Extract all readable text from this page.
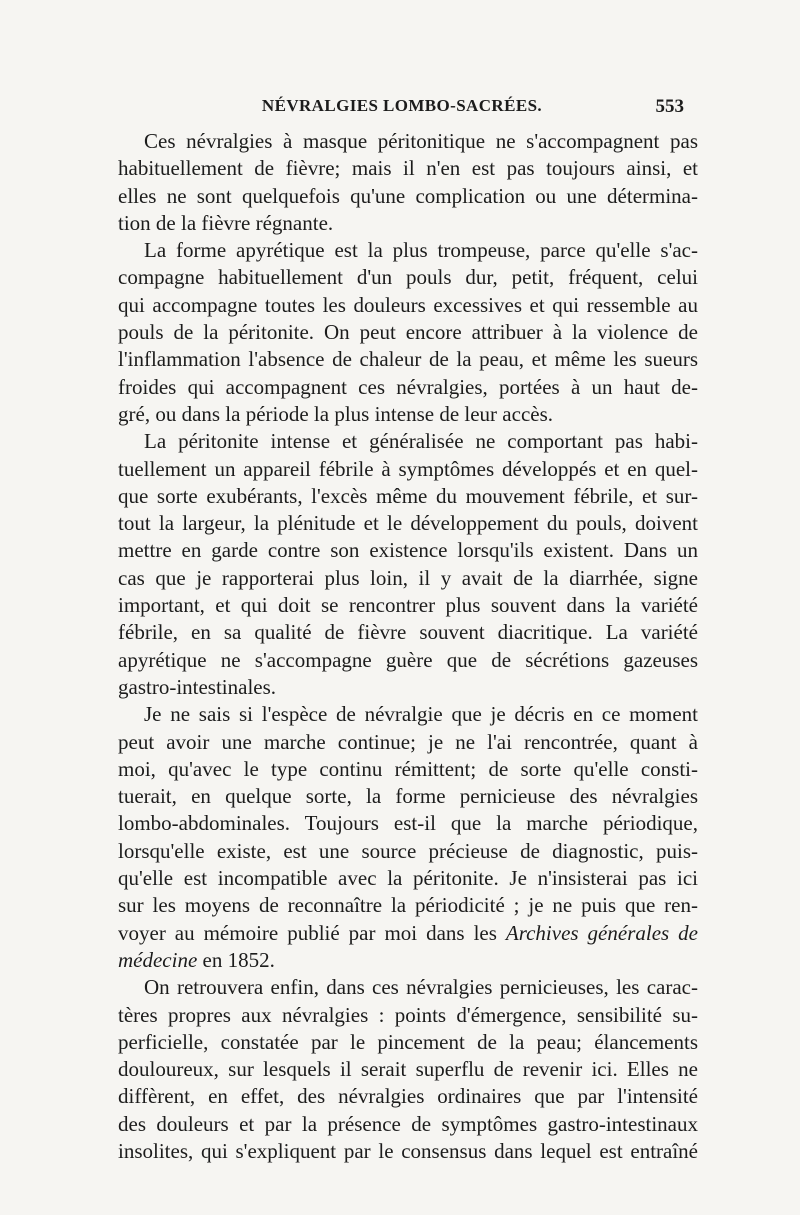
NÉVRALGIES LOMBO-SACRÉES.	553
Ces névralgies à masque péritonitique ne s'accompagnent pas
habituellement de fièvre; mais il n'en est pas toujours ainsi, et
elles ne sont quelquefois qu'une complication ou une détermina-
tion de la fièvre régnante.
La forme apyrétique est la plus trompeuse, parce qu'elle s'ac-
compagne habituellement d'un pouls dur, petit, fréquent, celui
qui accompagne toutes les douleurs excessives et qui ressemble au
pouls de la péritonite. On peut encore attribuer à la violence de
l'inflammation l'absence de chaleur de la peau, et même les sueurs
froides qui accompagnent ces névralgies, portées à un haut de-
gré, ou dans la période la plus intense de leur accès.
La péritonite intense et généralisée ne comportant pas habi-
tuellement un appareil fébrile à symptômes développés et en quel-
que sorte exubérants, l'excès même du mouvement fébrile, et sur-
tout la largeur, la plénitude et le développement du pouls, doivent
mettre en garde contre son existence lorsqu'ils existent. Dans un
cas que je rapporterai plus loin, il y avait de la diarrhée, signe
important, et qui doit se rencontrer plus souvent dans la variété
fébrile, en sa qualité de fièvre souvent diacritique. La variété
apyrétique ne s'accompagne guère que de sécrétions gazeuses
gastro-intestinales.
Je ne sais si l'espèce de névralgie que je décris en ce moment
peut avoir une marche continue; je ne l'ai rencontrée, quant à
moi, qu'avec le type continu rémittent; de sorte qu'elle consti-
tuerait, en quelque sorte, la forme pernicieuse des névralgies
lombo-abdominales. Toujours est-il que la marche périodique,
lorsqu'elle existe, est une source précieuse de diagnostic, puis-
qu'elle est incompatible avec la péritonite. Je n'insisterai pas ici
sur les moyens de reconnaître la périodicité ; je ne puis que ren-
voyer au mémoire publié par moi dans les Archives générales de
médecine en 1852.
On retrouvera enfin, dans ces névralgies pernicieuses, les carac-
tères propres aux névralgies : points d'émergence, sensibilité su-
perficielle, constatée par le pincement de la peau; élancements
douloureux, sur lesquels il serait superflu de revenir ici. Elles ne
diffèrent, en effet, des névralgies ordinaires que par l'intensité
des douleurs et par la présence de symptômes gastro-intestinaux
insolites, qui s'expliquent par le consensus dans lequel est entraîné
